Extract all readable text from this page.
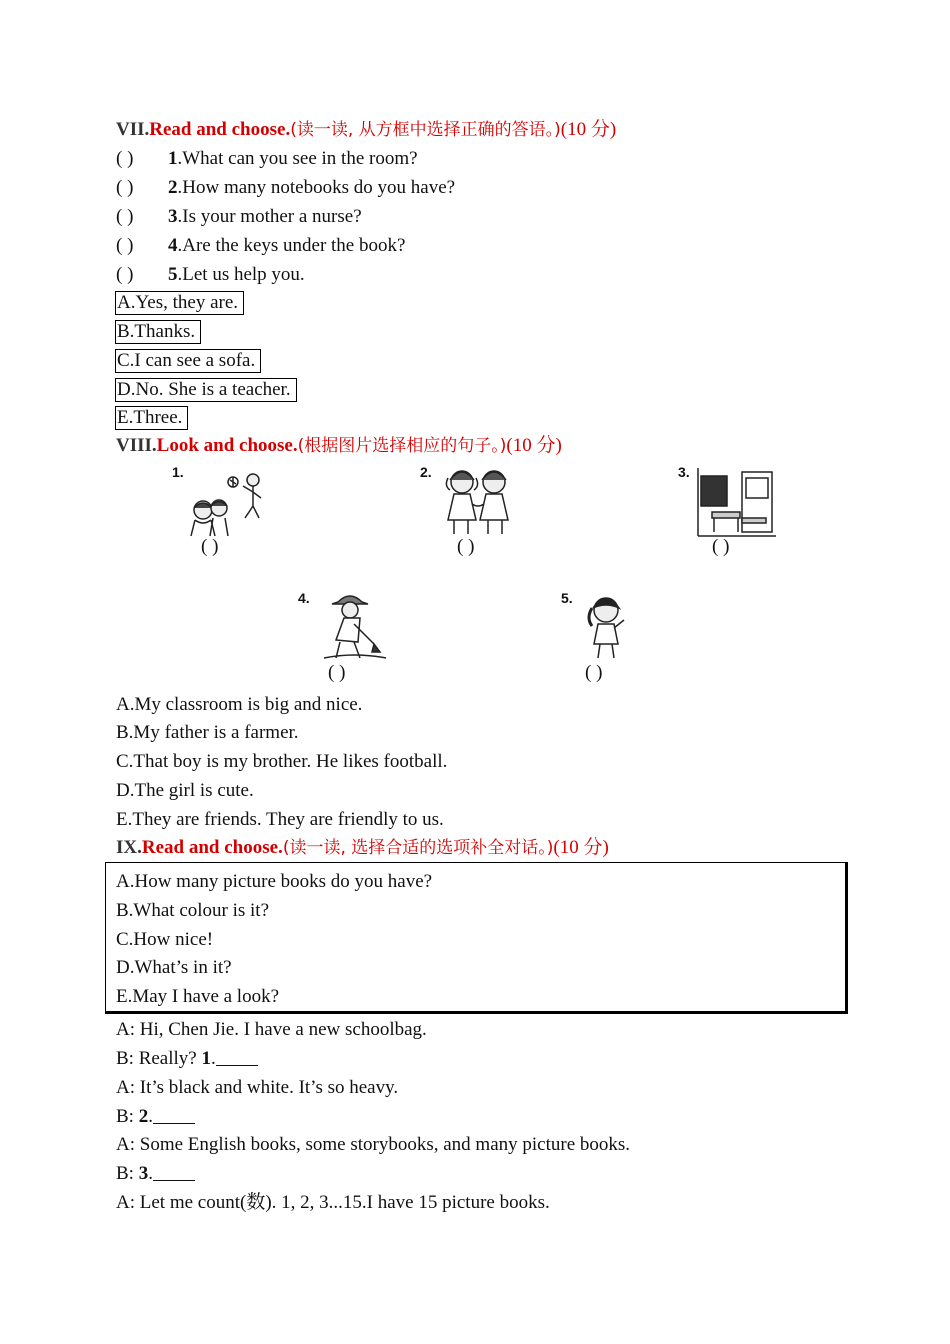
VII.Read and choose.(读一读, 从方框中选择正确的答语。)(10 分)
( ) 1.What can you see in the room?
( ) 2.How many notebooks do you have?
( ) 3.Is your mother a nurse?
( ) 4.Are the keys under the book?
( ) 5.Let us help you.
A.Yes, they are.
B.Thanks.
C.I can see a sofa.
D.No. She is a teacher.
E.Three.
VIII.Look and choose.(根据图片选择相应的句子。)(10 分)
1.
( )
2.
( )
3.
( )
4.
( )
5.
( )
A.My classroom is big and nice.
B.My father is a farmer.
C.That boy is my brother. He likes football.
D.The girl is cute.
E.They are friends. They are friendly to us.
IX.Read and choose.(读一读, 选择合适的选项补全对话。)(10 分)
A.How many picture books do you have?
B.What colour is it?
C.How nice!
D.What’s in it?
E.May I have a look?
A: Hi, Chen Jie. I have a new schoolbag.
B: Really? 1.
A: It’s black and white. It’s so heavy.
B: 2.
A: Some English books, some storybooks, and many picture books.
B: 3.
A: Let me count(数). 1, 2, 3...15.I have 15 picture books.
